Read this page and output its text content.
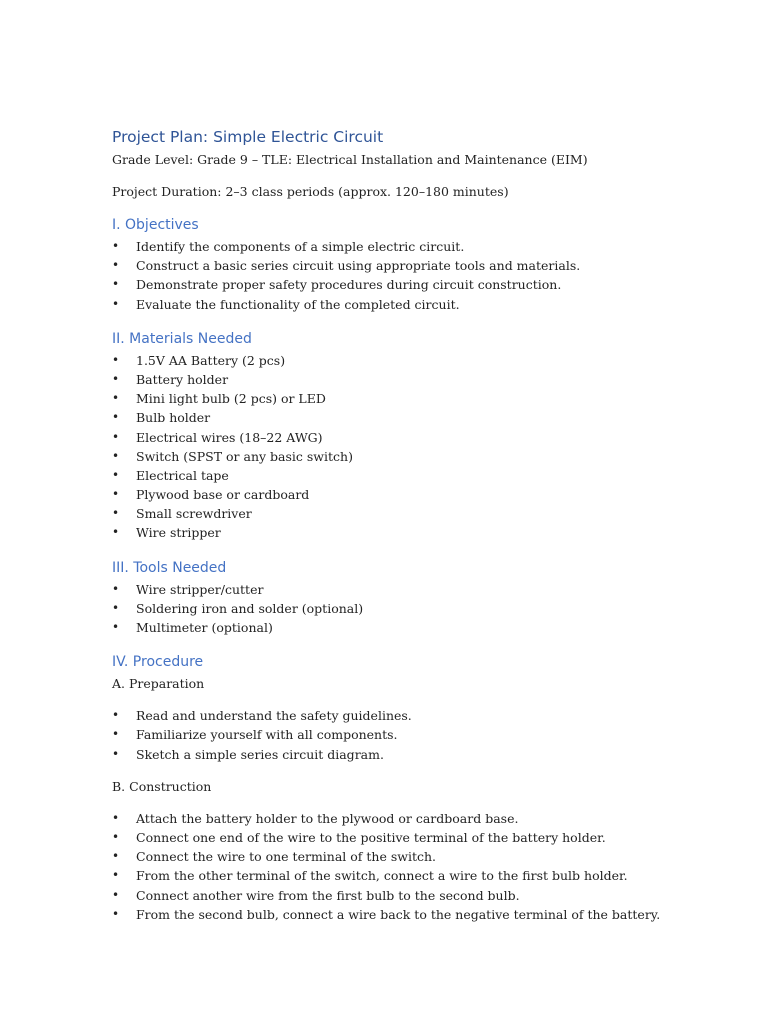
Project Plan: Simple Electric Circuit

Grade Level: Grade 9 – TLE: Electrical Installation and Maintenance (EIM)

Project Duration: 2–3 class periods (approx. 120–180 minutes)

I. Objectives
• Identify the components of a simple electric circuit.
• Construct a basic series circuit using appropriate tools and materials.
• Demonstrate proper safety procedures during circuit construction.
• Evaluate the functionality of the completed circuit.
II. Materials Needed
• 1.5V AA Battery (2 pcs)
• Battery holder
• Mini light bulb (2 pcs) or LED
• Bulb holder
• Electrical wires (18–22 AWG)
• Switch (SPST or any basic switch)
• Electrical tape
• Plywood base or cardboard
• Small screwdriver
• Wire stripper
III. Tools Needed
• Wire stripper/cutter
• Soldering iron and solder (optional)
• Multimeter (optional)
IV. Procedure

A. Preparation

• Read and understand the safety guidelines.
• Familiarize yourself with all components.
• Sketch a simple series circuit diagram.

B. Construction

• Attach the battery holder to the plywood or cardboard base.
• Connect one end of the wire to the positive terminal of the battery holder.
• Connect the wire to one terminal of the switch.
• From the other terminal of the switch, connect a wire to the first bulb holder.
• Connect another wire from the first bulb to the second bulb.
• From the second bulb, connect a wire back to the negative terminal of the battery.
